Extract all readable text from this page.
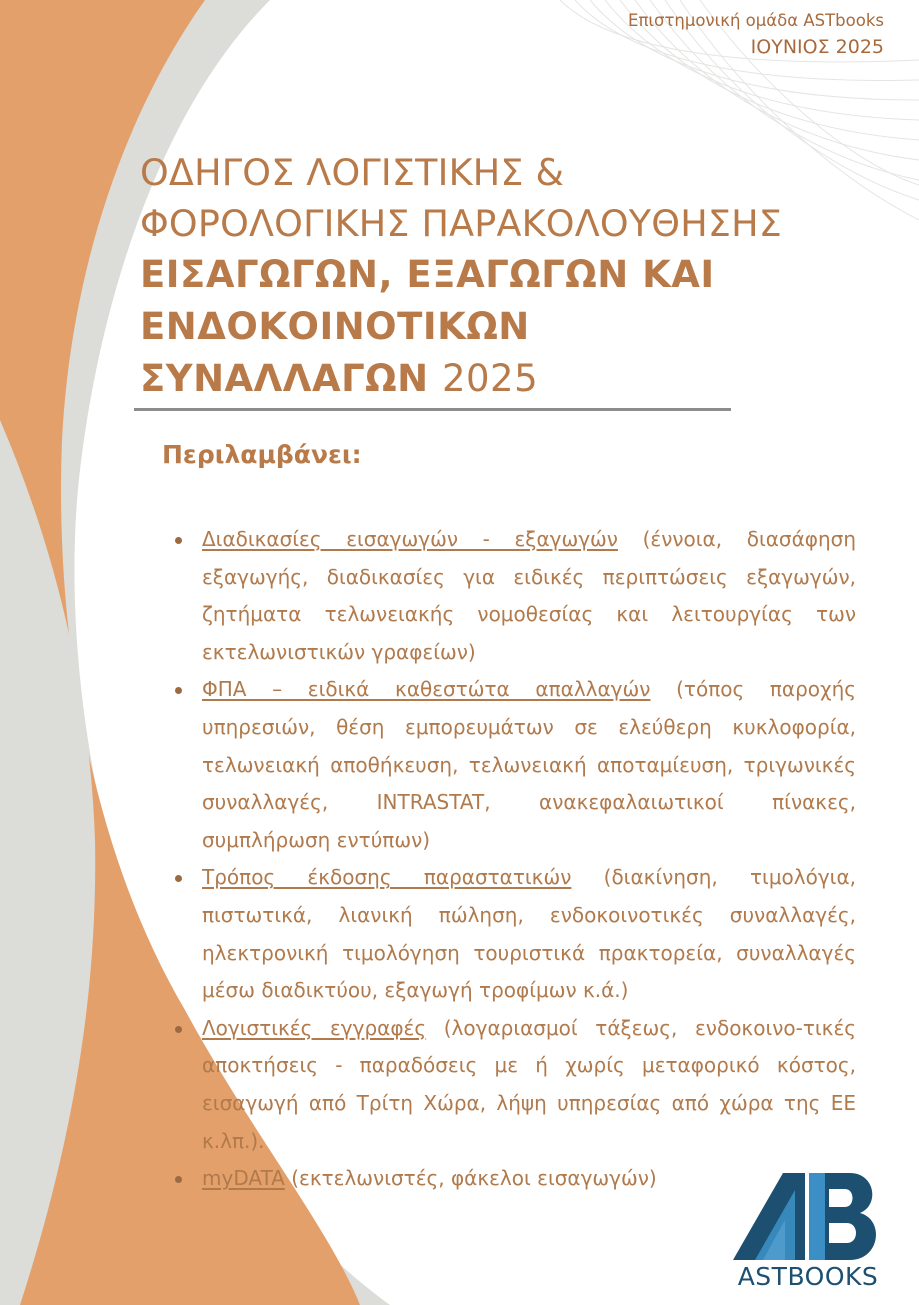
Επιστημονική ομάδα ASTbooks
ΙΟΥΝΙΟΣ 2025
ΟΔΗΓΟΣ ΛΟΓΙΣΤΙΚΗΣ &
ΦΟΡΟΛΟΓΙΚΗΣ ΠΑΡΑΚΟΛΟΥΘΗΣΗΣ
ΕΙΣΑΓΩΓΩΝ, ΕΞΑΓΩΓΩΝ ΚΑΙ
ΕΝΔΟΚΟΙΝΟΤΙΚΩΝ
ΣΥΝΑΛΛΑΓΩΝ 2025
Περιλαμβάνει:
Διαδικασίες εισαγωγών - εξαγωγών (έννοια, διασάφηση εξαγωγής, διαδικασίες για ειδικές περιπτώσεις εξαγωγών, ζητήματα τελωνειακής νομοθεσίας και λειτουργίας των εκτελωνιστικών γραφείων)
ΦΠΑ – ειδικά καθεστώτα απαλλαγών (τόπος παροχής υπηρεσιών, θέση εμπορευμάτων σε ελεύθερη κυκλοφορία, τελωνειακή αποθήκευση, τελωνειακή αποταμίευση, τριγωνικές συναλλαγές, INTRASTAT, ανακεφαλαιωτικοί πίνακες, συμπλήρωση εντύπων)
Τρόπος έκδοσης παραστατικών (διακίνηση, τιμολόγια, πιστωτικά, λιανική πώληση, ενδοκοινοτικές συναλλαγές, ηλεκτρονική τιμολόγηση τουριστικά πρακτορεία, συναλλαγές μέσω διαδικτύου, εξαγωγή τροφίμων κ.ά.)
Λογιστικές εγγραφές (λογαριασμοί τάξεως, ενδοκοινο-τικές αποκτήσεις - παραδόσεις με ή χωρίς μεταφορικό κόστος, εισαγωγή από Τρίτη Χώρα, λήψη υπηρεσίας από χώρα της ΕΕ κ.λπ.).
myDATA (εκτελωνιστές, φάκελοι εισαγωγών)
ASTBOOKS
